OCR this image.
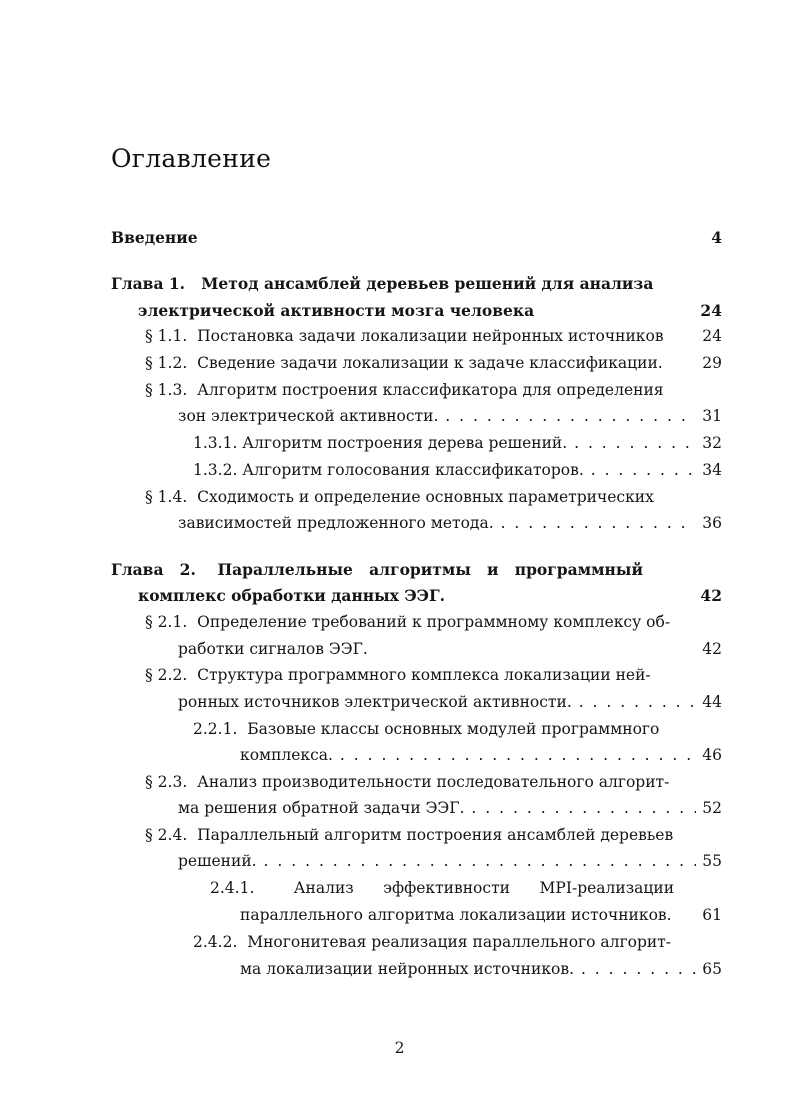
Оглавление
Введение	4
Глава 1.   Метод ансамблей деревьев решений для анализа
электрической активности мозга человека	24
§ 1.1.  Постановка задачи локализации нейронных источников	24
§ 1.2.  Сведение задачи локализации к задаче классификации.	29
§ 1.3.  Алгоритм построения классификатора для определения
зон электрической активности. . . .	31
1.3.1. Алгоритм построения дерева решений. . . .	32
1.3.2. Алгоритм голосования классификаторов. . . .	34
§ 1.4.  Сходимость и определение основных параметрических
зависимостей предложенного метода. . . .	36
Глава   2.    Параллельные   алгоритмы   и   программный
комплекс обработки данных ЭЭГ.	42
§ 2.1.  Определение требований к программному комплексу об-
работки сигналов ЭЭГ.	42
§ 2.2.  Структура программного комплекса локализации ней-
ронных источников электрической активности. . . .	44
2.2.1.  Базовые классы основных модулей программного
комплекса. . . .	46
§ 2.3.  Анализ производительности последовательного алгорит-
ма решения обратной задачи ЭЭГ. . . .	52
§ 2.4.  Параллельный алгоритм построения ансамблей деревьев
решений. . . .	55
2.4.1.        Анализ      эффективности      MPI-реализации
параллельного алгоритма локализации источников.	61
2.4.2.  Многонитевая реализация параллельного алгорит-
ма локализации нейронных источников. . . .	65
2
